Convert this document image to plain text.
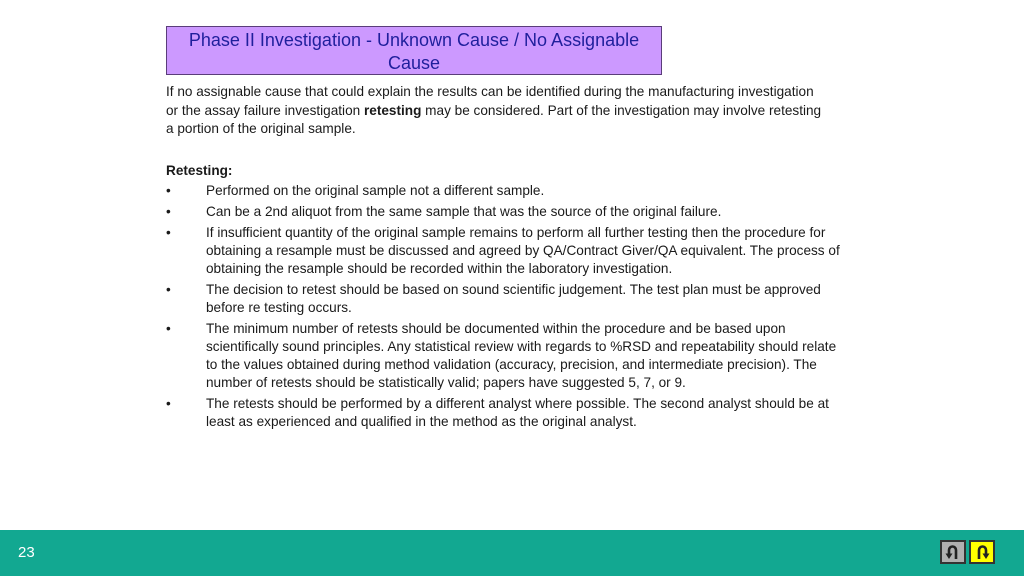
Phase II Investigation - Unknown Cause / No Assignable
Cause
If no assignable cause that could explain the results can be identified during the manufacturing investigation or the assay failure investigation retesting may be considered. Part of the investigation may involve retesting a portion of the original sample.
Retesting:
•	Performed on the original sample not a different sample.
•	Can be a 2nd aliquot from the same sample that was the source of the original failure.
•	If insufficient quantity of the original sample remains to perform all further testing then the procedure for obtaining a resample must be discussed and agreed by QA/Contract Giver/QA equivalent. The process of obtaining the resample should be recorded within the laboratory investigation.
•	The decision to retest should be based on sound scientific judgement. The test plan must be approved before re testing occurs.
•	The minimum number of retests should be documented within the procedure and be based upon scientifically sound principles. Any statistical review with regards to %RSD and repeatability should relate to the values obtained during method validation (accuracy, precision, and intermediate precision). The number of retests should be statistically valid; papers have suggested 5, 7, or 9.
•	The retests should be performed by a different analyst where possible. The second analyst should be at least as experienced and qualified in the method as the original analyst.
23
